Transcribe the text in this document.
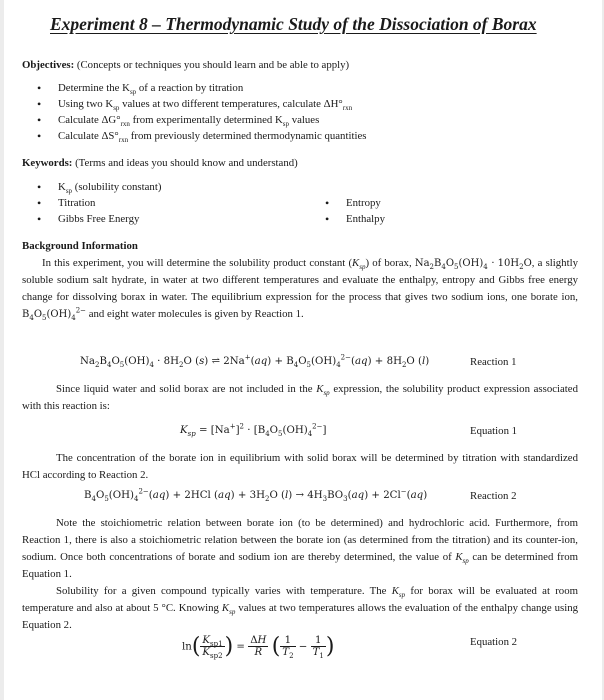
Experiment 8 – Thermodynamic Study of the Dissociation of Borax
Objectives: (Concepts or techniques you should learn and be able to apply)
• Determine the $K_{sp}$ of a reaction by titration
• Using two $K_{sp}$ values at two different temperatures, calculate $\Delta H^\circ_{rxn}$
• Calculate $\Delta G^\circ_{rxn}$ from experimentally determined $K_{sp}$ values
• Calculate $\Delta S^\circ_{rxn}$ from previously determined thermodynamic quantities
Keywords: (Terms and ideas you should know and understand)
• $K_{sp}$ (solubility constant)
• Titration
• Gibbs Free Energy
• Entropy
• Enthalpy
Background Information
In this experiment, you will determine the solubility product constant $(K_{sp})$ of borax, $Na_2B_4O_5(OH)_4 \cdot 10H_2O$, a slightly soluble sodium salt hydrate, in water at two different temperatures and evaluate the enthalpy, entropy and Gibbs free energy change for dissolving borax in water. The equilibrium expression for the process that gives two sodium ions, one borate ion, $B_4O_5(OH)_4^{2-}$ and eight water molecules is given by Reaction 1.
$Na_2B_4O_5(OH)_4 \cdot 8H_2O$ (s) ⇌ $2Na^+(aq) + B_4O_5(OH)_4^{2-}(aq) + 8H_2O$ (l)	Reaction 1
Since liquid water and solid borax are not included in the $K_{sp}$ expression, the solubility product expression associated with this reaction is:
$K_{sp} = [Na^+]^2 \cdot [B_4O_5(OH)_4^{2-}]$	Equation 1
The concentration of the borate ion in equilibrium with solid borax will be determined by titration with standardized HCl according to Reaction 2.
$B_4O_5(OH)_4^{2-}(aq) + 2HCl$ $(aq) + 3H_2O$ $(l) \to 4H_3BO_3(aq) + 2Cl^-(aq)$	Reaction 2
Note the stoichiometric relation between borate ion (to be determined) and hydrochloric acid. Furthermore, from Reaction 1, there is also a stoichiometric relation between the borate ion (as determined from the titration) and its counter-ion, sodium. Once both concentrations of borate and sodium ion are thereby determined, the value of $K_{sp}$ can be determined from Equation 1.
Solubility for a given compound typically varies with temperature. The $K_{sp}$ for borax will be evaluated at room temperature and also at about 5 °C. Knowing $K_{sp}$ values at two temperatures allows the evaluation of the enthalpy change using Equation 2.
$\ln( \frac{K_{sp1}}{K_{sp2}}$ ) = $\frac{\Delta H}{R}$ ( $\frac{1}{T_2} - \frac{1}{T_1}$ )	Equation 2
